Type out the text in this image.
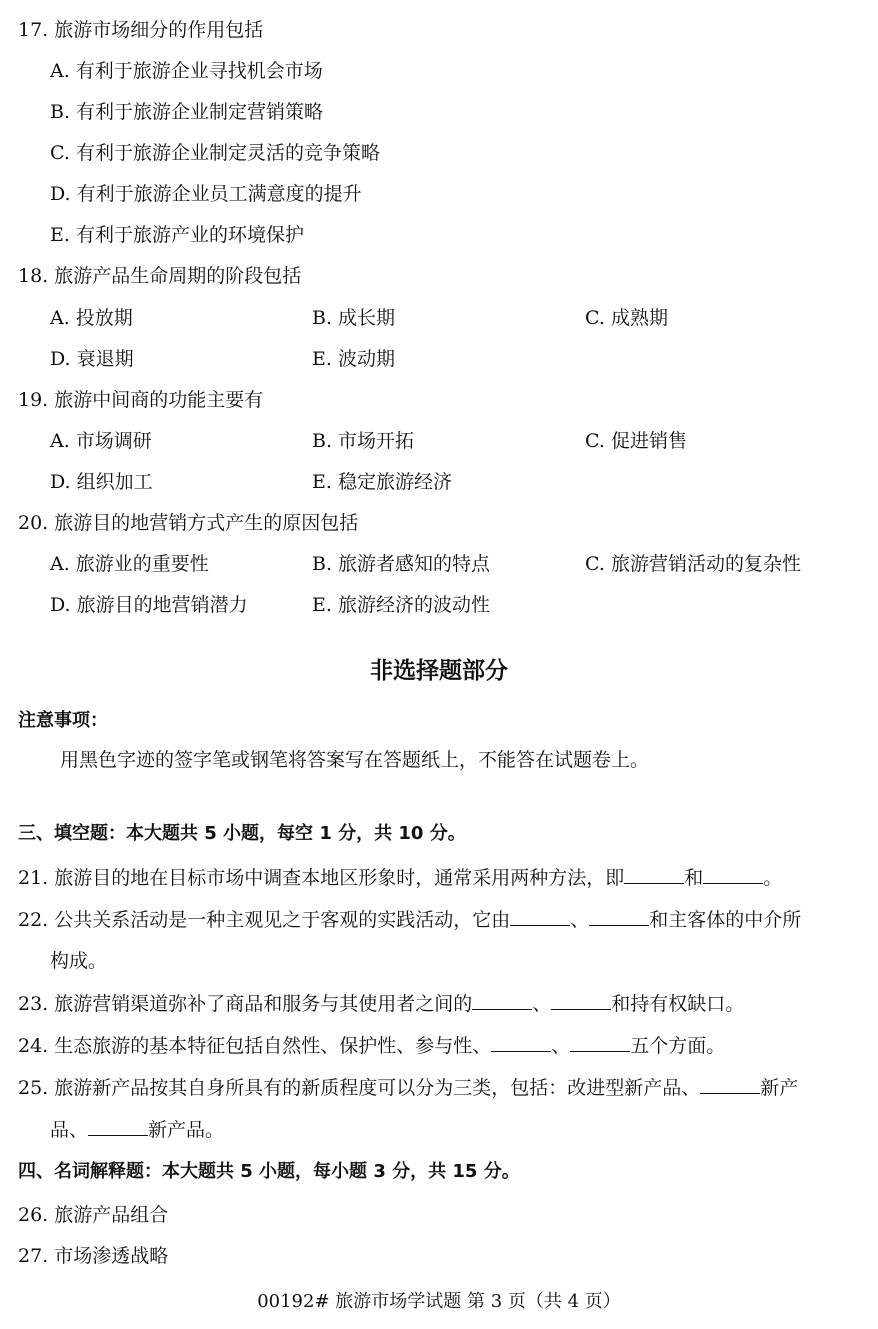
17. 旅游市场细分的作用包括
A. 有利于旅游企业寻找机会市场
B. 有利于旅游企业制定营销策略
C. 有利于旅游企业制定灵活的竞争策略
D. 有利于旅游企业员工满意度的提升
E. 有利于旅游产业的环境保护
18. 旅游产品生命周期的阶段包括
A. 投放期	B. 成长期	C. 成熟期
D. 衰退期	E. 波动期
19. 旅游中间商的功能主要有
A. 市场调研	B. 市场开拓	C. 促进销售
D. 组织加工	E. 稳定旅游经济
20. 旅游目的地营销方式产生的原因包括
A. 旅游业的重要性	B. 旅游者感知的特点	C. 旅游营销活动的复杂性
D. 旅游目的地营销潜力	E. 旅游经济的波动性
非选择题部分
注意事项：
用黑色字迹的签字笔或钢笔将答案写在答题纸上，不能答在试题卷上。
三、填空题：本大题共 5 小题，每空 1 分，共 10 分。
21. 旅游目的地在目标市场中调查本地区形象时，通常采用两种方法，即	和	。
22. 公共关系活动是一种主观见之于客观的实践活动，它由	、	和主客体的中介所
构成。
23. 旅游营销渠道弥补了商品和服务与其使用者之间的	、	和持有权缺口。
24. 生态旅游的基本特征包括自然性、保护性、参与性、	、	五个方面。
25. 旅游新产品按其自身所具有的新质程度可以分为三类，包括：改进型新产品、	新产
品、	新产品。
四、名词解释题：本大题共 5 小题，每小题 3 分，共 15 分。
26. 旅游产品组合
27. 市场渗透战略
00192# 旅游市场学试题 第 3 页（共 4 页）
